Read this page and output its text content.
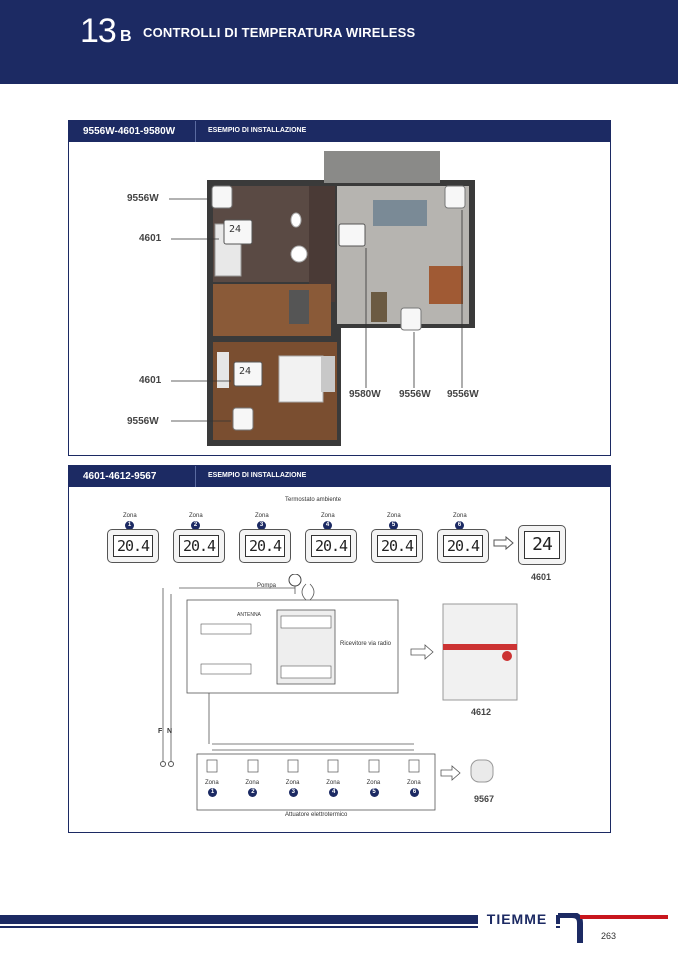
13 B CONTROLLI DI TEMPERATURA WIRELESS
9556W-4601-9580W	ESEMPIO DI INSTALLAZIONE
9556W
4601
4601
9556W
9580W 9556W 9556W
24
24
4601-4612-9567	ESEMPIO DI INSTALLAZIONE
Termostato ambiente
Zona
1
20.4
Zona
2
20.4
Zona
3
20.4
Zona
4
20.4
Zona
5
20.4
Zona
6
20.4	24
4601
Pompa
ANTENNA
Ricevitore via radio
4612
F N
Zona
1
Zona
2
Zona
3
Zona
4
Zona
5
Zona
6
9567
Attuatore elettrotermico
TIEMME
263
